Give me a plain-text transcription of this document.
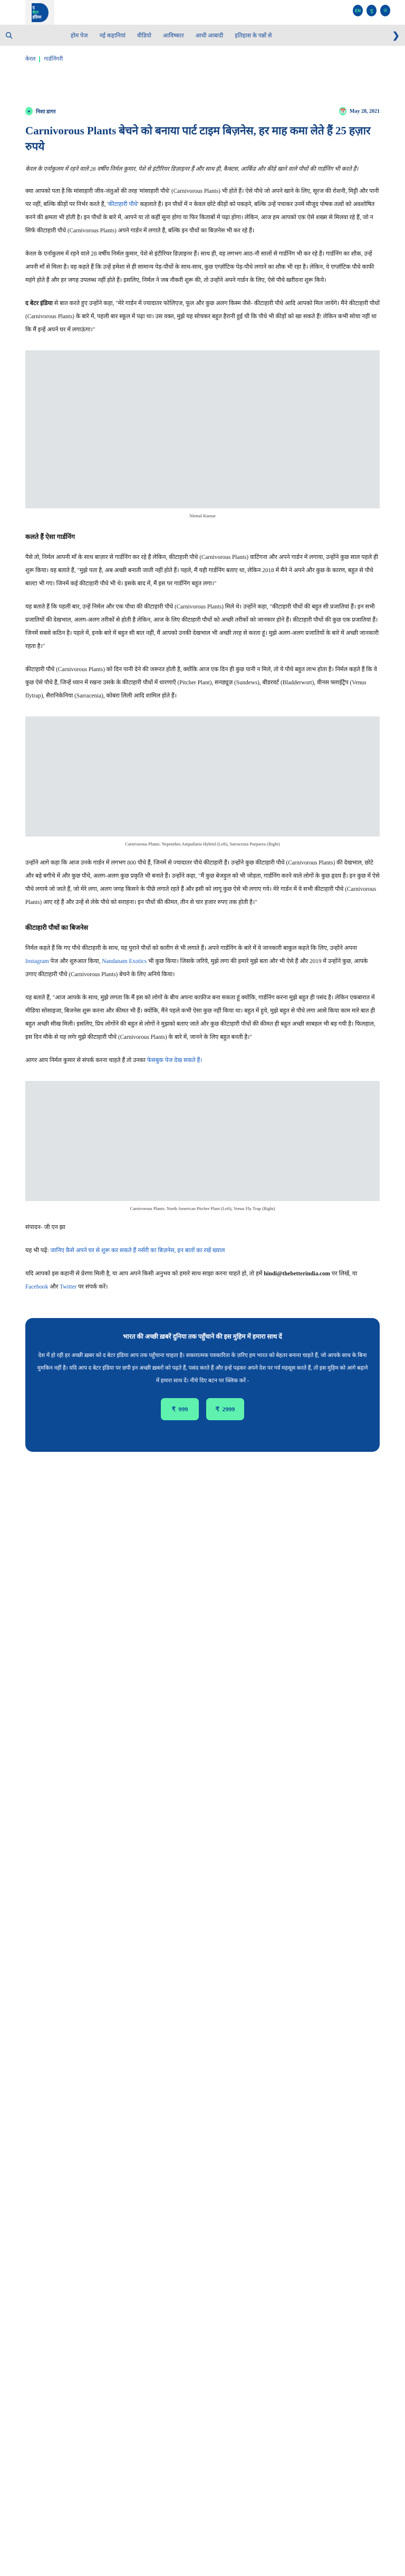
द
बेटर
इंडिया
EN	गु	ଓ
होम पेज नई कहानियां वीडियो आविष्कार आधी आबादी इतिहास के पन्नों से	❯
केरल गार्डनिंगरी
●	निशा डागर	📅 May 28, 2021
Carnivorous Plants बेचने को बनाया पार्ट टाइम बिज़नेस, हर माह कमा लेते हैं 25 हज़ार रुपये

केरल के एर्नाकुलम में रहने वाले 28 वर्षीय निर्मल कुमार, पेशे से इंटीरियर डिज़ाइनर हैं और साथ ही, कैक्टस, आर्किड और कीड़े खाने वाले पौधों की गार्डनिंग भी करते हैं।

क्या आपको पता है कि मांसाहारी जीव-जंतुओं की तरह 'मांसाहारी पौधे' (Carnivorous Plants) भी होते हैं। ऐसे पौधे जो अपने खाने के लिए, सूरज की रोशनी, मिट्टी और पानी पर नहीं, बल्कि कीड़ों पर निर्भर करते हैं, 'कीटाहारी पौधे' कहलाते हैं। इन पौधों में न केवल छोटे कीड़ों को पकड़ने, बल्कि उन्हें पचाकर उनमें मौजूद पोषक तत्वों को अवशोषित करने की क्षमता भी होती है। इन पौधों के बारे में, आपने या तो कहीं सुना होगा या फिर किताबों में पढ़ा होगा। लेकिन, आज हम आपको एक ऐसे शख्स से मिलवा रहे हैं, जो न सिर्फ कीटाहारी पौधे (Carnivorous Plants) अपने गार्डन में लगाते हैं, बल्कि इन पौधों का बिज़नेस भी कर रहे हैं।

केरल के एर्नाकुलम में रहने वाले 28 वर्षीय निर्मल कुमार, पेशे से इंटीरियर डिज़ाइनर हैं। साथ ही, वह लगभग आठ-नौ सालों से गार्डनिंग भी कर रहे हैं। गार्डनिंग का शौक, उन्हें अपनी माँ से मिला है। वह कहते हैं कि उन्हें हमेशा से ही सामान्य पेड़-पौधों के साथ-साथ, कुछ एग्ज़ॉटिक पेड़-पौधे लगाने का शौक भी रहा है। लेकिन, ये एग्ज़ॉटिक पौधे काफी महंगे होते हैं और हर जगह उपलब्ध नहीं होते हैं। इसलिए, निर्मल ने जब नौकरी शुरू की, तो उन्होंने अपने गार्डन के लिए, ऐसे पौधे खरीदना शुरू किये।

द बेटर इंडिया से बात करते हुए उन्होंने कहा, "मेरे गार्डन में ज्यादातर फोलिएज, फूल और कुछ अलग किस्म जैसे- कीटाहारी पौधे आदि आपको मिल जायेंगे। मैंने कीटाहारी पौधों (Carnivorous Plants) के बारे में, पहली बार स्कूल में पढ़ा था। उस वक्त, मुझे यह सोचकर बहुत हैरानी हुई थी कि पौधे भी कीड़ों को खा सकते हैं! लेकिन कभी सोचा नहीं था कि मैं इन्हें अपने घर में लगाऊंगा।"

Nirmal Kumar
कलते हैं ऐसा गार्डनिंग

पैसे तो, निर्मल आपनी माँ के साथ बाज़ार से गार्डनिंग कर रहे हैं लेकिन, कीटाहारी पौधे (Carnivorous Plants) वाटिंगना और अपने गार्डन में लगाया, उन्होंने कुछ साल पहले ही शुरू किया। वह बताते हैं, "मुझे पता है, अब अच्छी बनाती जाती नहीं होते हैं। पहले, मैं यही गार्डनिंग बताए था, लेकिन 2018 में मैंने ने अपने और कुछ के कारण, बहुत से पौधे बाल्टा भी गए। जिनमें कई कीटाहारी पौधे भी थे। इसके बाद में, मैं इस पर गार्डनिंग बहुत लगा।"

यह बताते हैं कि पहली बार, उन्हें निर्मल और एक पौधा की कीटाहारी पौधे (Carnivorous Plants) मिले थे। उन्होंने कहा, "कीटाहारी पौधों की बहुत सी प्रजातियां हैं। इन सभी प्रजातियों की देखभाल, अलग-अलग तरीकों से होती है लेकिन, आज के लिए कीटाहारी पौधों को अच्छी तरीकों को जानकार होने हैं। कीटाहारी पौधों की कुछ एक प्रजातियां हैं। जिनमें सबसे कठिन है। पहले में, इनके बारे में बहुत सी बात नहीं, मैं आपको उनकी देखभाल भी अच्छी तरह से करता हूं। मुझे अलग-अलग प्रजातियों के बारे में अच्छी जानकारी रहता है।"

कीटाहारी पौधे (Carnivorous Plants) को दिन पानी देने की जरूरत होती है, क्योंकि आज एक दिन ही कुछ पानी न मिले, तो ये पौधे बहुत लाभ होता है। निर्मल कहते हैं कि वे कुछ ऐसे पौधे हैं, जिन्हें ध्यान में रखना उसके के कीटाहारी पौधों में धारणाएँ (Pitcher Plant), सनड्यूज़ (Sundews), बीडरवर्ट (Bladderwort), वीनस फ्लाईट्रैप (Venus flytrap), सैरानिकेनिया (Sarracenia), कोबरा लिली आदि शामिल होते हैं।

Carnivorous Plants: Nepenthes Ampullaria Hybrid (Left), Sarracenia Purpurea (Right)

उन्होंने आगे कहा कि आज उनके गार्डन में लगभग 800 पौधे हैं, जिनमें से ज्यादातर पौधे कीटाहारी हैं। उन्होंने कुछ कीटाहारी पौधे (Carnivorous Plants) की देखभाल, छोटे और बड़े बगीचे में और कुछ पौधे, अलग-अलग कुछ प्रकृति भी बनाते हैं। उन्होंने कहा, "मैं कुछ बेजड़ुल को भी जोड़ता, गार्डनिंग करने वाले लोगों के कुछ हृदय हैं। इन कुछ में ऐसे पौधे लगाये जो जाते हैं, जो मेरे लगा, अलग जगह किसने के पीछे लगाते रहते हैं और इसी को लागू कुछ ऐसे भी लगाए गये। मेरे गार्डन में ये सभी कीटाहारी पौधे (Carnivorous Plants) आए रहे हैं और उन्हें से लेके पौधे को सराहना। इन पौधों की कीमत, तीन से चार हजार रुपए तक होती है।"

कीटाहारी पौधों का बिजनेस

निर्मल कहते हैं कि गए पौधे कीटाहारी के साथ, यह पुराने पौधों को कारीग से भी लगाते हैं। अपने गार्डनिंग के बारे में वे जानकारी बाकुल कहते कि लिए, उन्होंने अपना Instagram पेज और शुरुआत किया, Nandanam Exotics भी कुछ किया। जिसके जरिये, मुझे लगा की हमारे मुझे बता और भी ऐसे हैं और 2019 में उन्होंने कुछ, आपके उगाए कीटाहारी पौधे (Carnivorous Plants) बेचने के लिए अनिये किया।

यह बताते हैं, "आज आपके के साथ, मुझे लगता कि मैं इस को लोगों के बीच अपना काफ़ीज बना सकता हूं क्योंकि, गार्डनिंग करना मुझे बहुत ही पसंद है। लेकिन एकबारात में मीडिया सोसाइजा, बिजनेस शुरू करना और कीमत भी हैं। क्योंकि, मैंने पहले कभी ऐसा कुछ नहीं किया था। बहुत में हुये, मुझे बहुत से पौधे लगा आसेे किया काम मारे बात ही बहुत अच्छी सीख मिली। इसलिए, प्रिय लोगोंने की बहुत से लोगों ने मुझको बताए जाते और कुछ कीटाहारी पौधों की कीमत ही बहुत अच्छी साबहल भी बड़ गयी है। फिलहाल, इस दिन मौके से यह लगेा मुझे कीटाहारी पौधे (Carnivorous Plants) के बारे में, जानने के लिए बहुत बनती है।"

आगर आप निर्मल कुमार से संपर्क करना चाहते हैं तो उनका फेसबुक पेज देख सकते हैं।

Carnivorous Plants: North American Pitcher Plant (Left), Venus Fly Trap (Right)

संपादन- जी एन झा

यह भी पढ़ें: जानिए कैसे अपने घर से शुरू कर सकते हैं नर्सरी का बिज़नेस, इन बातों का रखें ख्याल

यदि आपको इस कहानी से प्रेरणा मिली है, या आप अपने किसी अनुभव को हमारे साथ साझा करना चाहते हो, तो हमें hindi@thebetterindia.com पर लिखें, या Facebook और Twitter पर संपर्क करें।

भारत की अच्छी ख़बरें दुनिया तक पहुँचाने की इस मुहिम में हमारा साथ दें

देश में हो रही हर अच्छी ख़बर को द बेटर इंडिया आप तक पहुँचाना चाहता है। सकारात्मक पत्रकारिता के ज़रिए हम भारत को बेहतर बनाना चाहते हैं, जो आपके साथ के बिना मुमकिन नहीं है। यदि आप द बेटर इंडिया पर छपी इन अच्छी ख़बरों को पढ़ते हैं, पसंद करते हैं और इन्हें पढ़कर अपने देश पर गर्व महसूस करते हैं, तो इस मुहिम को आगे बढ़ाने में हमारा साथ दें। नीचे दिए बटन पर क्लिक करें -

₹ 999	₹ 2999
